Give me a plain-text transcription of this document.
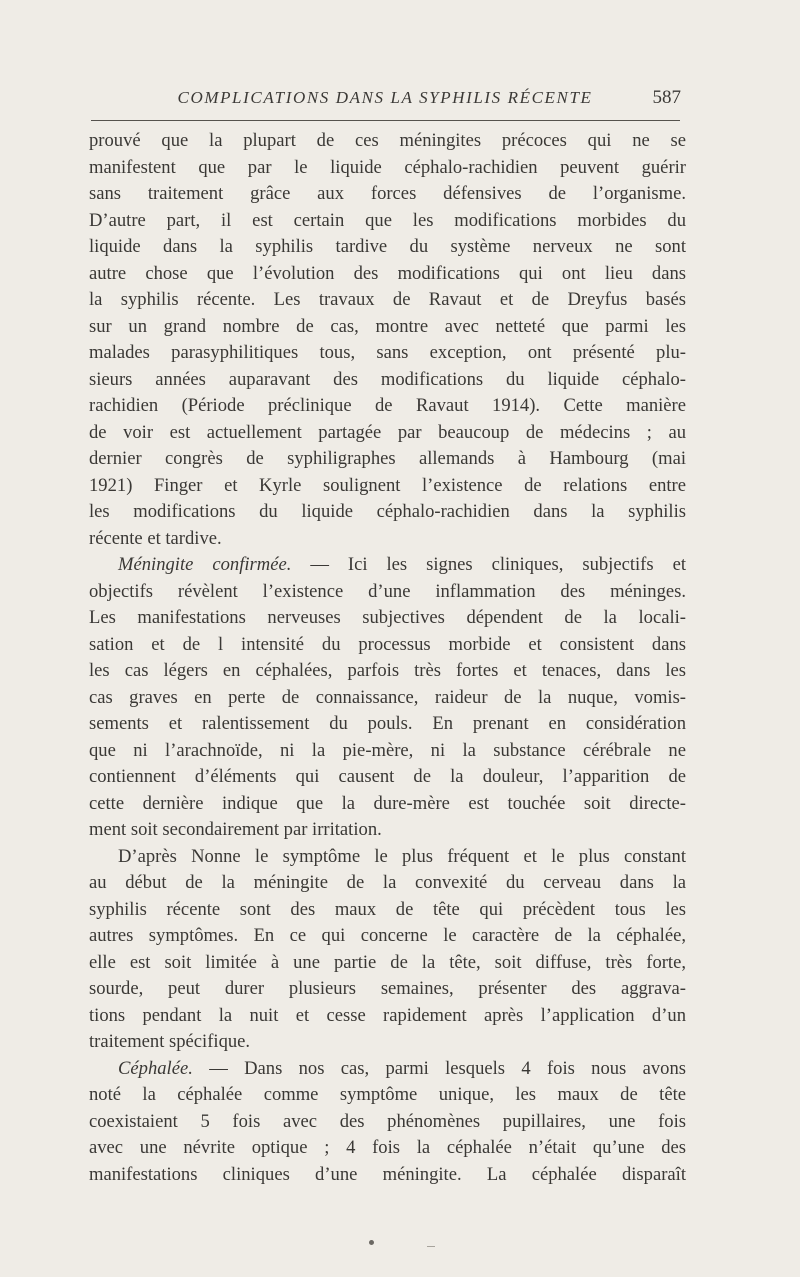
COMPLICATIONS DANS LA SYPHILIS RÉCENTE	587
prouvé que la plupart de ces méningites précoces qui ne se
manifestent que par le liquide céphalo-rachidien peuvent guérir
sans traitement grâce aux forces défensives de l’organisme.
D’autre part, il est certain que les modifications morbides du
liquide dans la syphilis tardive du système nerveux ne sont
autre chose que l’évolution des modifications qui ont lieu dans
la syphilis récente. Les travaux de Ravaut et de Dreyfus basés
sur un grand nombre de cas, montre avec netteté que parmi les
malades parasyphilitiques tous, sans exception, ont présenté plu-
sieurs années auparavant des modifications du liquide céphalo-
rachidien (Période préclinique de Ravaut 1914). Cette manière
de voir est actuellement partagée par beaucoup de médecins ; au
dernier congrès de syphiligraphes allemands à Hambourg (mai
1921) Finger et Kyrle soulignent l’existence de relations entre
les modifications du liquide céphalo-rachidien dans la syphilis
récente et tardive.
Méningite confirmée. — Ici les signes cliniques, subjectifs et
objectifs révèlent l’existence d’une inflammation des méninges.
Les manifestations nerveuses subjectives dépendent de la locali-
sation et de l intensité du processus morbide et consistent dans
les cas légers en céphalées, parfois très fortes et tenaces, dans les
cas graves en perte de connaissance, raideur de la nuque, vomis-
sements et ralentissement du pouls. En prenant en considération
que ni l’arachnoïde, ni la pie-mère, ni la substance cérébrale ne
contiennent d’éléments qui causent de la douleur, l’apparition de
cette dernière indique que la dure-mère est touchée soit directe-
ment soit secondairement par irritation.
D’après Nonne le symptôme le plus fréquent et le plus constant
au début de la méningite de la convexité du cerveau dans la
syphilis récente sont des maux de tête qui précèdent tous les
autres symptômes. En ce qui concerne le caractère de la céphalée,
elle est soit limitée à une partie de la tête, soit diffuse, très forte,
sourde, peut durer plusieurs semaines, présenter des aggrava-
tions pendant la nuit et cesse rapidement après l’application d’un
traitement spécifique.
Céphalée. — Dans nos cas, parmi lesquels 4 fois nous avons
noté la céphalée comme symptôme unique, les maux de tête
coexistaient 5 fois avec des phénomènes pupillaires, une fois
avec une névrite optique ; 4 fois la céphalée n’était qu’une des
manifestations cliniques d’une méningite. La céphalée disparaît
